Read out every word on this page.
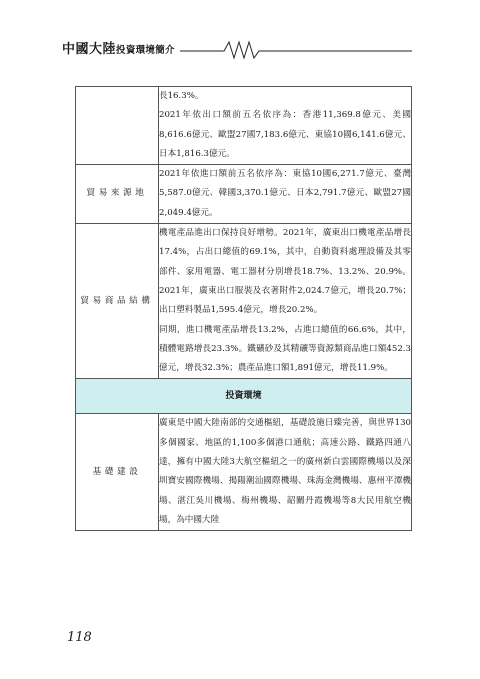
中國大陸投資環境簡介

	長16.3%。

2021年依出口額前五名依序為：香港11,369.8億元、美國8,616.6億元、歐盟27國7,183.6億元、東協10國6,141.6億元、日本1,816.3億元。

貿易來源地	2021年依進口額前五名依序為：東協10國6,271.7億元、臺灣5,587.0億元、韓國3,370.1億元、日本2,791.7億元、歐盟27國2,049.4億元。

貿易商品結構	機電產品進出口保持良好增勢。2021年，廣東出口機電產品增長17.4%，占出口總值的69.1%，其中，自動資料處理設備及其零部件、家用電器、電工器材分別增長18.7%、13.2%、20.9%。2021年，廣東出口服裝及衣著附件2,024.7億元，增長20.7%；出口塑料製品1,595.4億元，增長20.2%。

同期，進口機電產品增長13.2%，占進口總值的66.6%，其中，積體電路增長23.3%。鐵礦砂及其精礦等資源類商品進口額452.3億元，增長32.3%；農產品進口額1,891億元，增長11.9%。

投資環境	
基礎建設	廣東是中國大陸南部的交通樞紐，基礎設施日臻完善，與世界130多個國家、地區的1,100多個港口通航；高速公路、鐵路四通八達，擁有中國大陸3大航空樞紐之一的廣州新白雲國際機場以及深圳寶安國際機場、揭陽潮汕國際機場、珠海金灣機場、惠州平潭機場、湛江吳川機場、梅州機場、韶關丹霞機場等8大民用航空機場，為中國大陸

118
